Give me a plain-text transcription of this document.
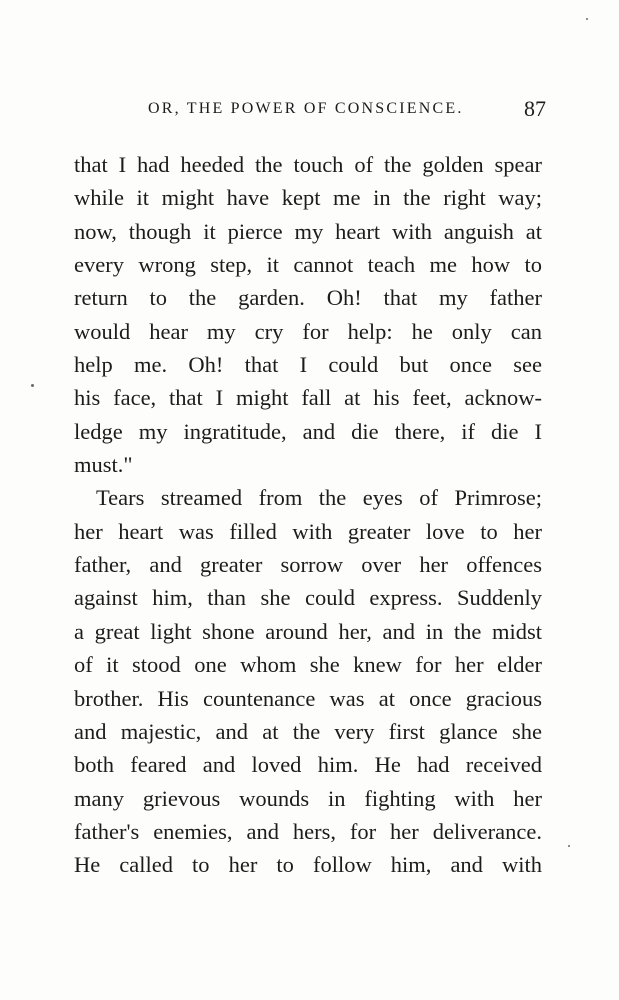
OR, THE POWER OF CONSCIENCE.	87
that I had heeded the touch of the golden spear
while it might have kept me in the right way;
now, though it pierce my heart with anguish at
every wrong step, it cannot teach me how to
return to the garden. Oh! that my father
would hear my cry for help: he only can
help me. Oh! that I could but once see
his face, that I might fall at his feet, acknow-
ledge my ingratitude, and die there, if die I
must."
Tears streamed from the eyes of Primrose;
her heart was filled with greater love to her
father, and greater sorrow over her offences
against him, than she could express. Suddenly
a great light shone around her, and in the midst
of it stood one whom she knew for her elder
brother. His countenance was at once gracious
and majestic, and at the very first glance she
both feared and loved him. He had received
many grievous wounds in fighting with her
father's enemies, and hers, for her deliverance.
He called to her to follow him, and with
